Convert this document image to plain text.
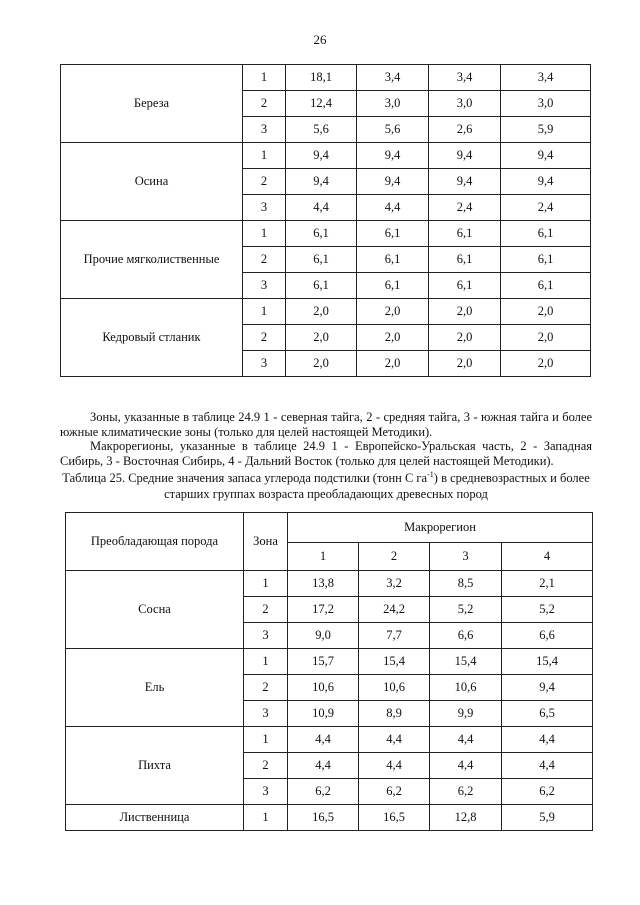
26
Береза	1	18,1	3,4	3,4	3,4
	2	12,4	3,0	3,0	3,0
	3	5,6	5,6	2,6	5,9
Осина	1	9,4	9,4	9,4	9,4
	2	9,4	9,4	9,4	9,4
	3	4,4	4,4	2,4	2,4
Прочие мягколиственные	1	6,1	6,1	6,1	6,1
	2	6,1	6,1	6,1	6,1
	3	6,1	6,1	6,1	6,1
Кедровый стланик	1	2,0	2,0	2,0	2,0
	2	2,0	2,0	2,0	2,0
	3	2,0	2,0	2,0	2,0

Зоны, указанные в таблице 24.9 1 - северная тайга, 2 - средняя тайга, 3 - южная тайга и более южные климатические зоны (только для целей настоящей Методики).

Макрорегионы, указанные в таблице 24.9 1 - Европейско-Уральская часть, 2 - Западная Сибирь, 3 - Восточная Сибирь, 4 - Дальний Восток (только для целей настоящей Методики).

Таблица 25. Средние значения запаса углерода подстилки (тонн С $га^{-1}$) в средневозрастных и более старших группах возраста преобладающих древесных пород
Преобладающая порода	Зона	Макрорегион			
		1	2	3	4
Сосна	1	13,8	3,2	8,5	2,1
	2	17,2	24,2	5,2	5,2
	3	9,0	7,7	6,6	6,6
Ель	1	15,7	15,4	15,4	15,4
	2	10,6	10,6	10,6	9,4
	3	10,9	8,9	9,9	6,5
Пихта	1	4,4	4,4	4,4	4,4
	2	4,4	4,4	4,4	4,4
	3	6,2	6,2	6,2	6,2
Лиственница	1	16,5	16,5	12,8	5,9
